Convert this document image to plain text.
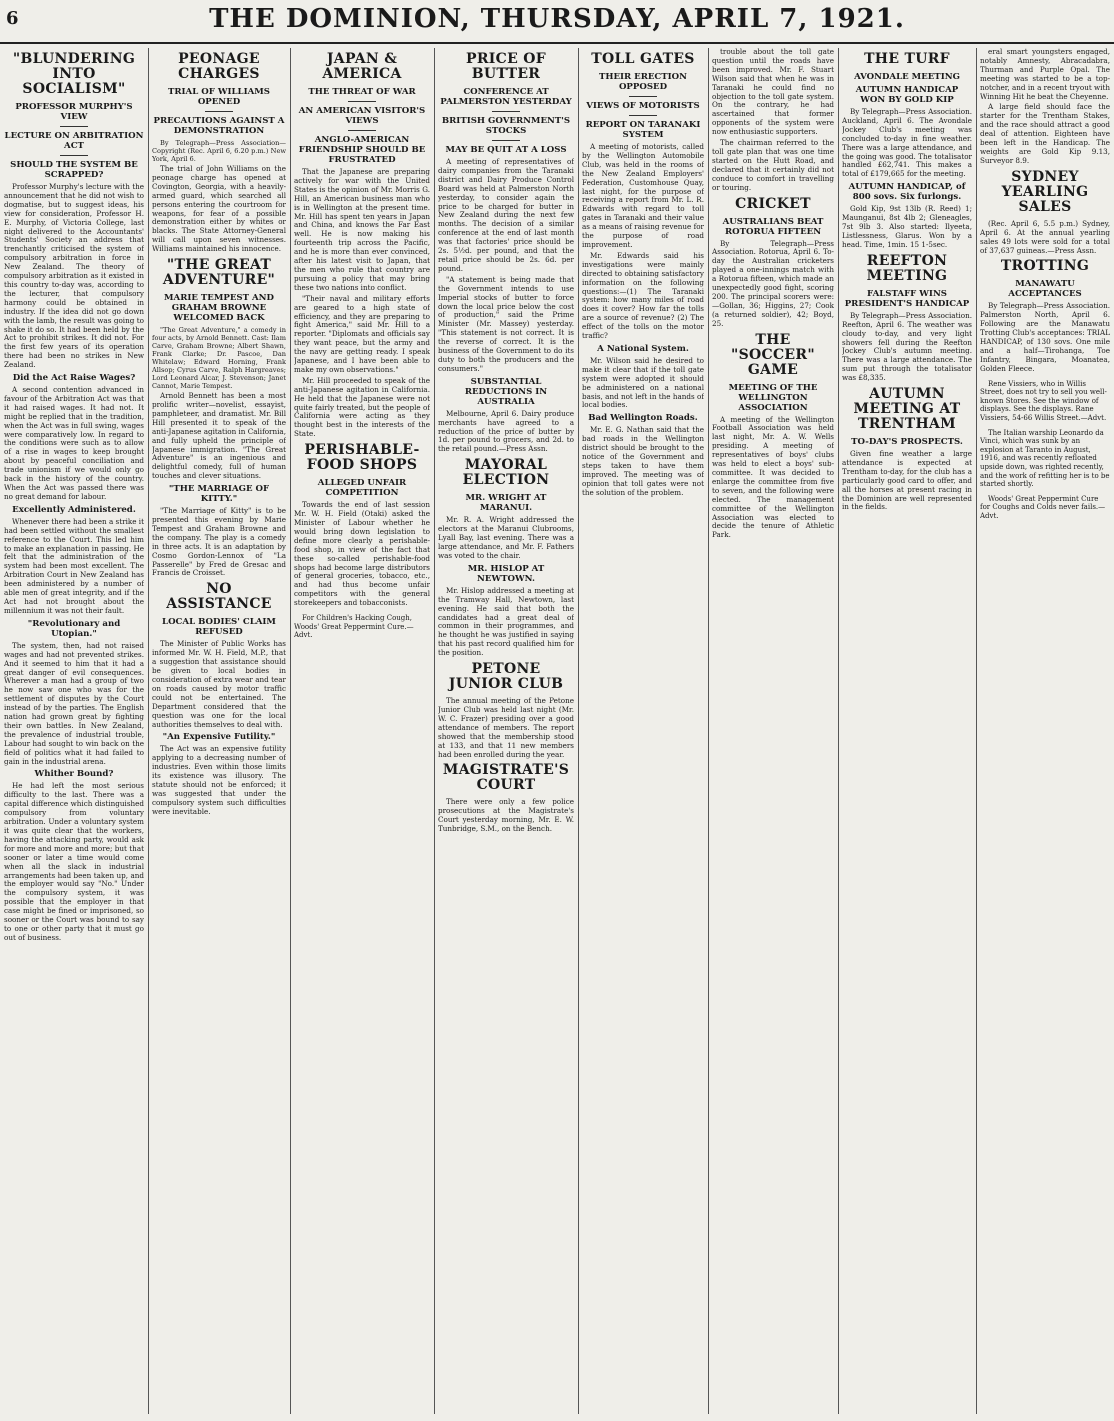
6	THE DOMINION, THURSDAY, APRIL 7, 1921.
"BLUNDERING INTO SOCIALISM"
PROFESSOR MURPHY'S VIEW
LECTURE ON ARBITRATION ACT
SHOULD THE SYSTEM BE SCRAPPED?

Professor Murphy's lecture with the announcement that he did not wish to dogmatise, but to suggest ideas, his view for consideration, Professor H. E. Murphy, of Victoria College, last night delivered to the Accountants' Students' Society an address that trenchantly criticised the system of compulsory arbitration in force in New Zealand. The theory of compulsory arbitration as it existed in this country to-day was, according to the lecturer, that compulsory harmony could be obtained in industry. If the idea did not go down with the lamb, the result was going to shake it do so. It had been held by the Act to prohibit strikes. It did not. For the first few years of its operation there had been no strikes in New Zealand.

Did the Act Raise Wages?

A second contention advanced in favour of the Arbitration Act was that it had raised wages. It had not. It might be replied that in the tradition, when the Act was in full swing, wages were comparatively low. In regard to the conditions were such as to allow of a rise in wages to keep brought about by peaceful conciliation and trade unionism if we would only go back in the history of the country. When the Act was passed there was no great demand for labour.

Excellently Administered.

Whenever there had been a strike it had been settled without the smallest reference to the Court. This led him to make an explanation in passing. He felt that the administration of the system had been most excellent. The Arbitration Court in New Zealand has been administered by a number of able men of great integrity, and if the Act had not brought about the millennium it was not their fault.

"Revolutionary and Utopian."

The system, then, had not raised wages and had not prevented strikes. And it seemed to him that it had a great danger of evil consequences. Wherever a man had a group of two he now saw one who was for the settlement of disputes by the Court instead of by the parties. The English nation had grown great by fighting their own battles. In New Zealand, the prevalence of industrial trouble, Labour had sought to win back on the field of politics what it had failed to gain in the industrial arena.

Whither Bound?

He had left the most serious difficulty to the last. There was a capital difference which distinguished compulsory from voluntary arbitration. Under a voluntary system it was quite clear that the workers, having the attacking party, would ask for more and more and more; but that sooner or later a time would come when all the slack in industrial arrangements had been taken up, and the employer would say "No." Under the compulsory system, it was possible that the employer in that case might be fined or imprisoned, so sooner or the Court was bound to say to one or other party that it must go out of business.

PEONAGE CHARGES
TRIAL OF WILLIAMS OPENED
PRECAUTIONS AGAINST A DEMONSTRATION

By Telegraph—Press Association—Copyright (Rec. April 6, 6.20 p.m.) New York, April 6.

The trial of John Williams on the peonage charge has opened at Covington, Georgia, with a heavily-armed guard, which searched all persons entering the courtroom for weapons, for fear of a possible demonstration either by whites or blacks. The State Attorney-General will call upon seven witnesses. Williams maintained his innocence.

"THE GREAT ADVENTURE"
MARIE TEMPEST AND GRAHAM BROWNE WELCOMED BACK

"The Great Adventure," a comedy in four acts, by Arnold Bennett. Cast: Ilam Carve, Graham Browne; Albert Shawn, Frank Clarke; Dr. Pascoe, Dan Whitelaw; Edward Horning, Frank Allsop; Cyrus Carve, Ralph Hargreaves; Lord Leonard Alcar, J. Stevenson; Janet Cannot, Marie Tempest.

Arnold Bennett has been a most prolific writer—novelist, essayist, pamphleteer, and dramatist. Mr. Bill Hill presented it to speak of the anti-Japanese agitation in California, and fully upheld the principle of Japanese immigration. "The Great Adventure" is an ingenious and delightful comedy, full of human touches and clever situations.

"THE MARRIAGE OF KITTY."

"The Marriage of Kitty" is to be presented this evening by Marie Tempest and Graham Browne and the company. The play is a comedy in three acts. It is an adaptation by Cosmo Gordon-Lennox of "La Passerelle" by Fred de Gresac and Francis de Croisset.

NO ASSISTANCE
LOCAL BODIES' CLAIM REFUSED

The Minister of Public Works has informed Mr. W. H. Field, M.P., that a suggestion that assistance should be given to local bodies in consideration of extra wear and tear on roads caused by motor traffic could not be entertained. The Department considered that the question was one for the local authorities themselves to deal with.

"An Expensive Futility."

The Act was an expensive futility applying to a decreasing number of industries. Even within those limits its existence was illusory. The statute should not be enforced; it was suggested that under the compulsory system such difficulties were inevitable.

JAPAN & AMERICA
THE THREAT OF WAR
AN AMERICAN VISITOR'S VIEWS
ANGLO-AMERICAN FRIENDSHIP SHOULD BE FRUSTRATED

That the Japanese are preparing actively for war with the United States is the opinion of Mr. Morris G. Hill, an American business man who is in Wellington at the present time. Mr. Hill has spent ten years in Japan and China, and knows the Far East well. He is now making his fourteenth trip across the Pacific, and he is more than ever convinced, after his latest visit to Japan, that the men who rule that country are pursuing a policy that may bring these two nations into conflict.

"Their naval and military efforts are geared to a high state of efficiency, and they are preparing to fight America," said Mr. Hill to a reporter. "Diplomats and officials say they want peace, but the army and the navy are getting ready. I speak Japanese, and I have been able to make my own observations."

Mr. Hill proceeded to speak of the anti-Japanese agitation in California. He held that the Japanese were not quite fairly treated, but the people of California were acting as they thought best in the interests of the State.

PERISHABLE-FOOD SHOPS
ALLEGED UNFAIR COMPETITION

Towards the end of last session Mr. W. H. Field (Otaki) asked the Minister of Labour whether he would bring down legislation to define more clearly a perishable-food shop, in view of the fact that these so-called perishable-food shops had become large distributors of general groceries, tobacco, etc., and had thus become unfair competitors with the general storekeepers and tobacconists.

For Children's Hacking Cough, Woods' Great Peppermint Cure.—Advt.

PRICE OF BUTTER
CONFERENCE AT PALMERSTON YESTERDAY
BRITISH GOVERNMENT'S STOCKS
MAY BE QUIT AT A LOSS

A meeting of representatives of dairy companies from the Taranaki district and Dairy Produce Control Board was held at Palmerston North yesterday, to consider again the price to be charged for butter in New Zealand during the next few months. The decision of a similar conference at the end of last month was that factories' price should be 2s. 5½d. per pound, and that the retail price should be 2s. 6d. per pound.

"A statement is being made that the Government intends to use Imperial stocks of butter to force down the local price below the cost of production," said the Prime Minister (Mr. Massey) yesterday. "This statement is not correct. It is the reverse of correct. It is the business of the Government to do its duty to both the producers and the consumers."

SUBSTANTIAL REDUCTIONS IN AUSTRALIA

Melbourne, April 6. Dairy produce merchants have agreed to a reduction of the price of butter by 1d. per pound to grocers, and 2d. to the retail pound.—Press Assn.

MAYORAL ELECTION
MR. WRIGHT AT MARANUI.

Mr. R. A. Wright addressed the electors at the Maranui Clubrooms, Lyall Bay, last evening. There was a large attendance, and Mr. F. Fathers was voted to the chair.

MR. HISLOP AT NEWTOWN.

Mr. Hislop addressed a meeting at the Tramway Hall, Newtown, last evening. He said that both the candidates had a great deal of common in their programmes, and he thought he was justified in saying that his past record qualified him for the position.

PETONE JUNIOR CLUB

The annual meeting of the Petone Junior Club was held last night (Mr. W. C. Frazer) presiding over a good attendance of members. The report showed that the membership stood at 133, and that 11 new members had been enrolled during the year.

MAGISTRATE'S COURT

There were only a few police prosecutions at the Magistrate's Court yesterday morning, Mr. E. W. Tunbridge, S.M., on the Bench.

TOLL GATES
THEIR ERECTION OPPOSED
VIEWS OF MOTORISTS
REPORT ON TARANAKI SYSTEM

A meeting of motorists, called by the Wellington Automobile Club, was held in the rooms of the New Zealand Employers' Federation, Customhouse Quay, last night, for the purpose of receiving a report from Mr. L. R. Edwards with regard to toll gates in Taranaki and their value as a means of raising revenue for the purpose of road improvement.

Mr. Edwards said his investigations were mainly directed to obtaining satisfactory information on the following questions:—(1) The Taranaki system: how many miles of road does it cover? How far the tolls are a source of revenue? (2) The effect of the tolls on the motor traffic?

A National System.

Mr. Wilson said he desired to make it clear that if the toll gate system were adopted it should be administered on a national basis, and not left in the hands of local bodies.

Bad Wellington Roads.

Mr. E. G. Nathan said that the bad roads in the Wellington district should be brought to the notice of the Government and steps taken to have them improved. The meeting was of opinion that toll gates were not the solution of the problem.

trouble about the toll gate question until the roads have been improved. Mr. F. Stuart Wilson said that when he was in Taranaki he could find no objection to the toll gate system. On the contrary, he had ascertained that former opponents of the system were now enthusiastic supporters.

The chairman referred to the toll gate plan that was one time started on the Hutt Road, and declared that it certainly did not conduce to comfort in travelling or touring.

CRICKET
AUSTRALIANS BEAT ROTORUA FIFTEEN

By Telegraph—Press Association. Rotorua, April 6. To-day the Australian cricketers played a one-innings match with a Rotorua fifteen, which made an unexpectedly good fight, scoring 200. The principal scorers were:—Gollan, 36; Higgins, 27; Cook (a returned soldier), 42; Boyd, 25.

THE "SOCCER" GAME
MEETING OF THE WELLINGTON ASSOCIATION

A meeting of the Wellington Football Association was held last night, Mr. A. W. Wells presiding. A meeting of representatives of boys' clubs was held to elect a boys' sub-committee. It was decided to enlarge the committee from five to seven, and the following were elected. The management committee of the Wellington Association was elected to decide the tenure of Athletic Park.

THE TURF
AVONDALE MEETING
AUTUMN HANDICAP WON BY GOLD KIP

By Telegraph—Press Association. Auckland, April 6. The Avondale Jockey Club's meeting was concluded to-day in fine weather. There was a large attendance, and the going was good. The totalisator handled £62,741. This makes a total of £179,665 for the meeting.

AUTUMN HANDICAP, of 800 sovs. Six furlongs.

Gold Kip, 9st 13lb (R. Reed) 1; Maunganui, 8st 4lb 2; Gleneagles, 7st 9lb 3. Also started: Ilyeeta, Listlessness, Glarus. Won by a head. Time, 1min. 15 1-5sec.

REEFTON MEETING
FALSTAFF WINS PRESIDENT'S HANDICAP

By Telegraph—Press Association. Reefton, April 6. The weather was cloudy to-day, and very light showers fell during the Reefton Jockey Club's autumn meeting. There was a large attendance. The sum put through the totalisator was £8,335.

AUTUMN MEETING AT TRENTHAM
TO-DAY'S PROSPECTS.

Given fine weather a large attendance is expected at Trentham to-day, for the club has a particularly good card to offer, and all the horses at present racing in the Dominion are well represented in the fields.

eral smart youngsters engaged, notably Amnesty, Abracadabra, Thurman and Purple Opal. The meeting was started to be a top-notcher, and in a recent tryout with Winning Hit he beat the Cheyenne.

A large field should face the starter for the Trentham Stakes, and the race should attract a good deal of attention. Eighteen have been left in the Handicap. The weights are Gold Kip 9.13, Surveyor 8.9.

SYDNEY YEARLING SALES

(Rec. April 6, 5.5 p.m.) Sydney, April 6. At the annual yearling sales 49 lots were sold for a total of 37,637 guineas.—Press Assn.

TROTTING
MANAWATU ACCEPTANCES

By Telegraph—Press Association. Palmerston North, April 6. Following are the Manawatu Trotting Club's acceptances: TRIAL HANDICAP, of 130 sovs. One mile and a half—Tirohanga, Toe Infantry, Bingara, Moanatea, Golden Fleece.

Rene Vissiers, who in Willis Street, does not try to sell you well-known Stores. See the window of displays. See the displays. Rane Vissiers, 54-66 Willis Street.—Advt.

The Italian warship Leonardo da Vinci, which was sunk by an explosion at Taranto in August, 1916, and was recently refloated upside down, was righted recently, and the work of refitting her is to be started shortly.

Woods' Great Peppermint Cure for Coughs and Colds never fails.—Advt.
